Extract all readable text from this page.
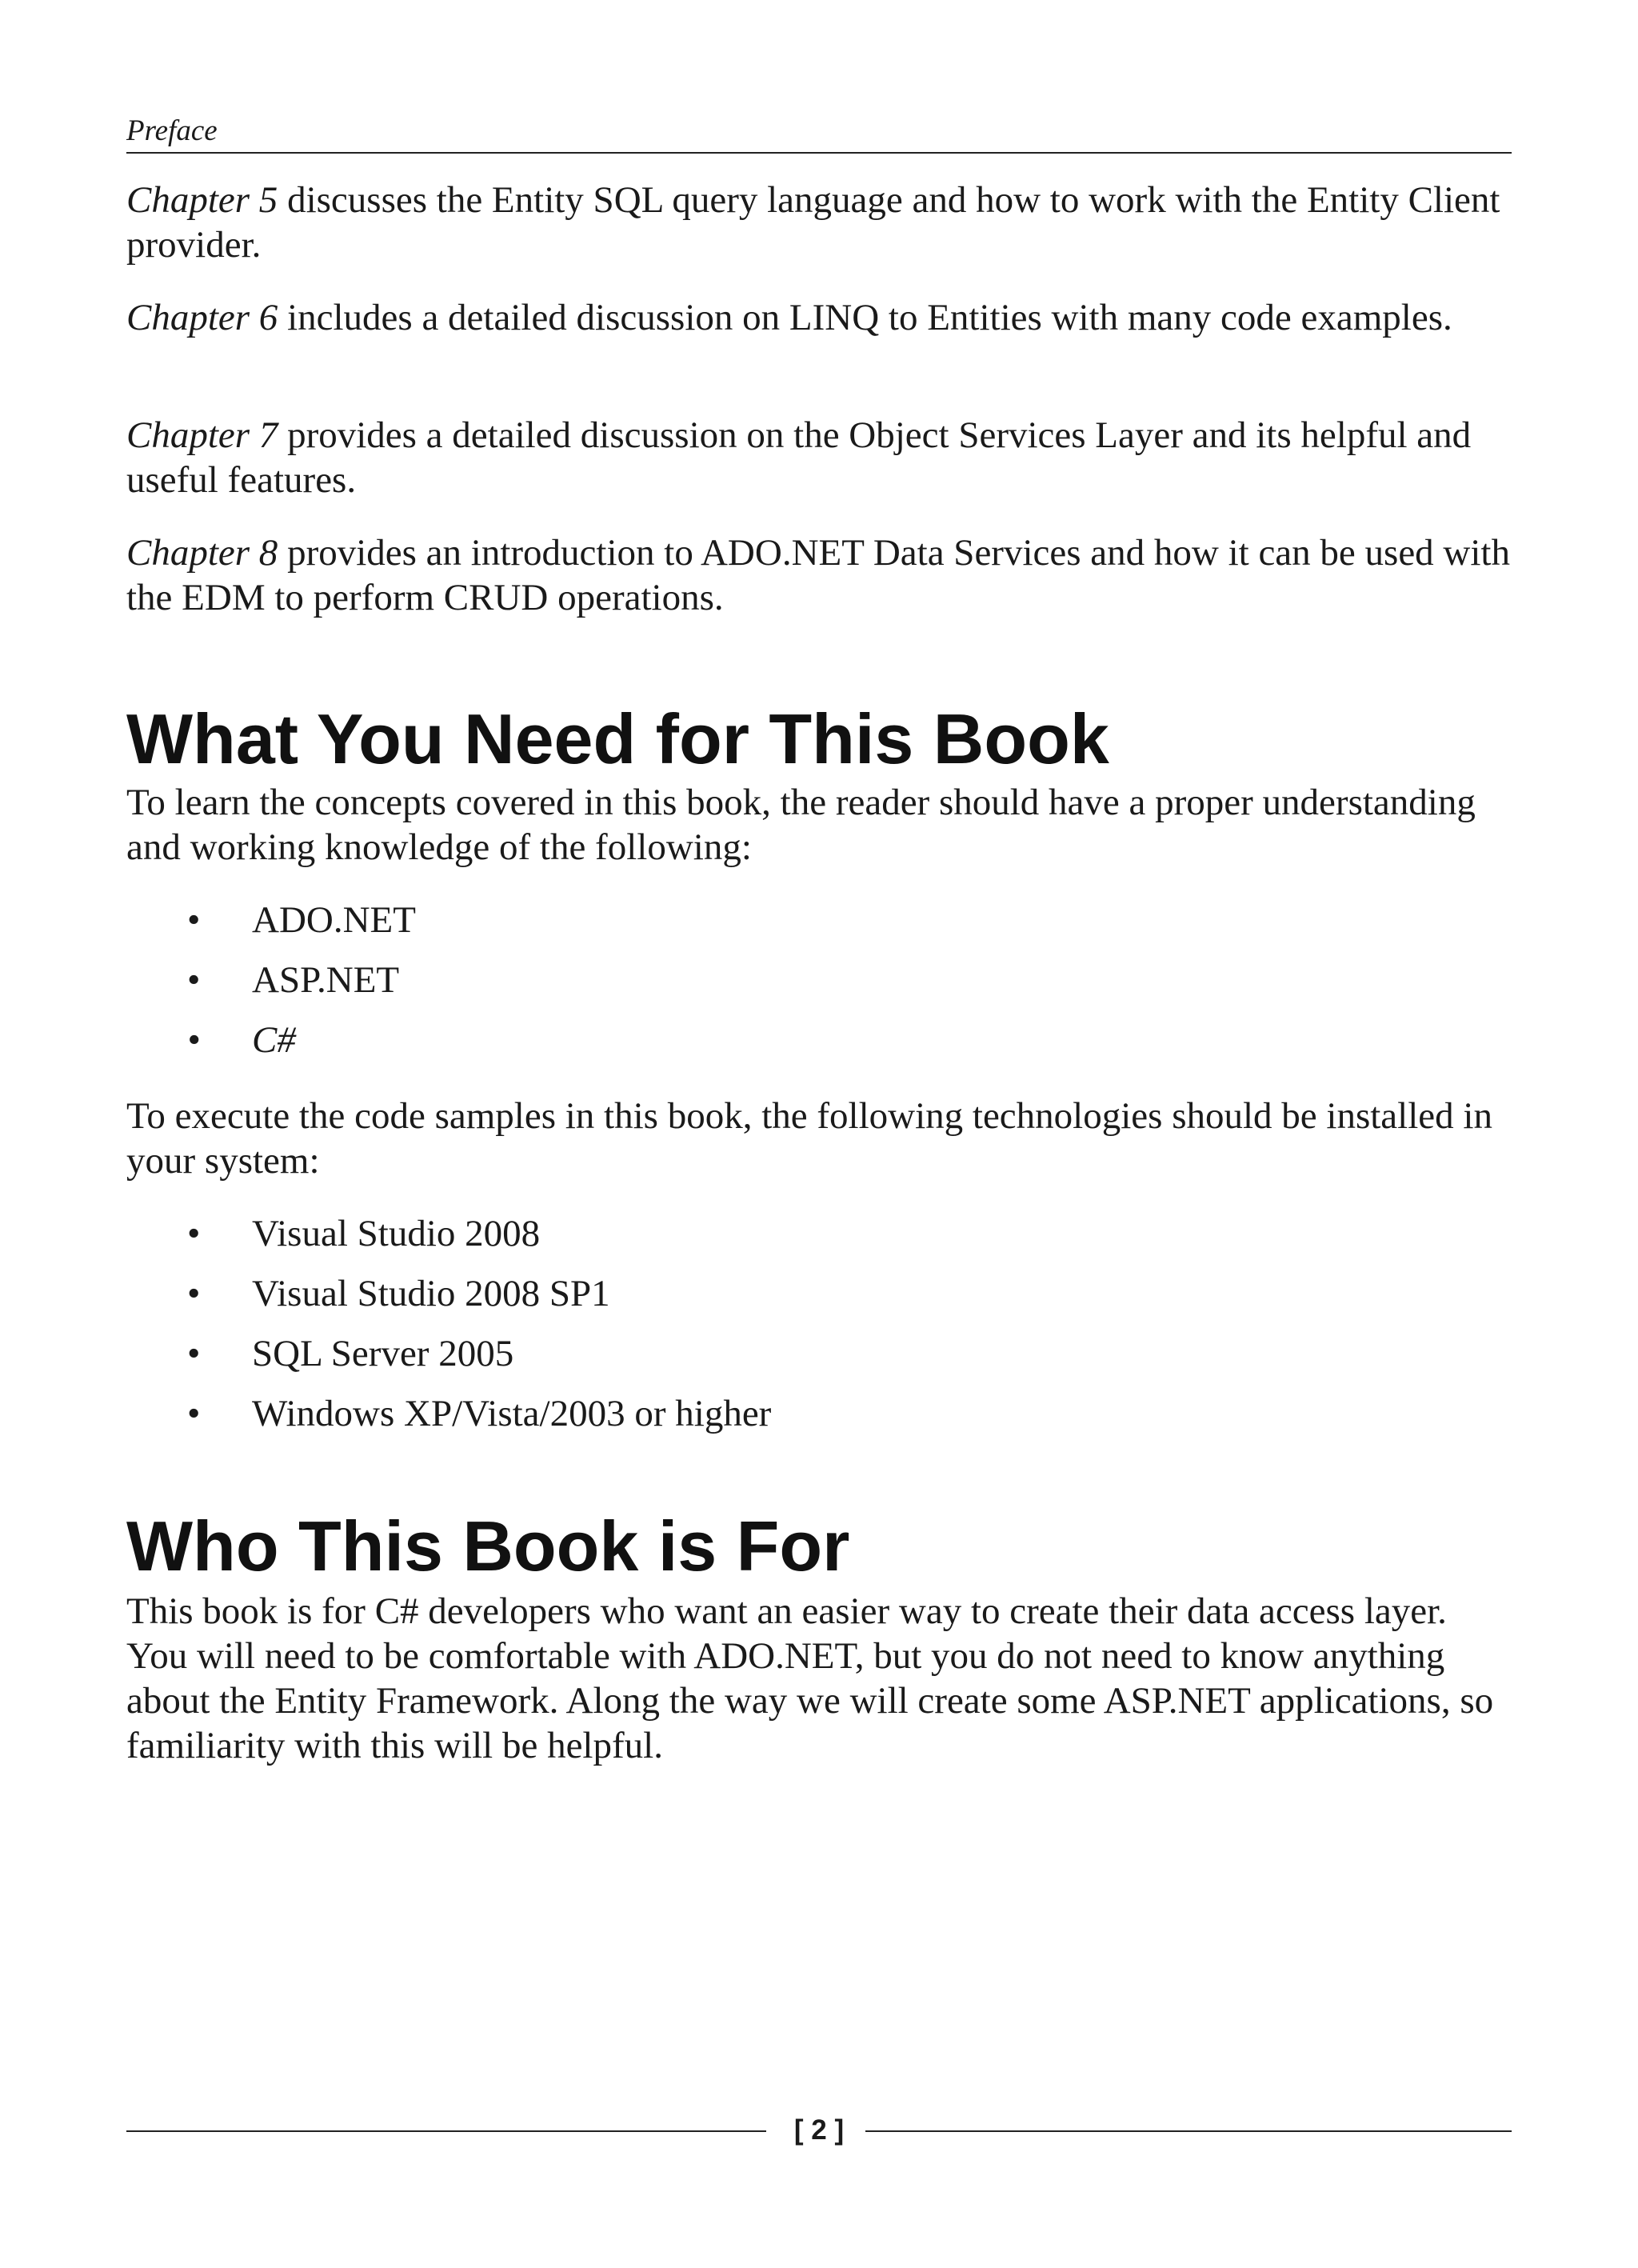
Preface

Chapter 5 discusses the Entity SQL query language and how to work with the Entity Client provider.

Chapter 6 includes a detailed discussion on LINQ to Entities with many code examples.

Chapter 7 provides a detailed discussion on the Object Services Layer and its helpful and useful features.

Chapter 8 provides an introduction to ADO.NET Data Services and how it can be used with the EDM to perform CRUD operations.

What You Need for This Book

To learn the concepts covered in this book, the reader should have a proper understanding and working knowledge of the following:

• ADO.NET
• ASP.NET
• C#

To execute the code samples in this book, the following technologies should be installed in your system:

• Visual Studio 2008
• Visual Studio 2008 SP1
• SQL Server 2005
• Windows XP/Vista/2003 or higher
Who This Book is For

This book is for C# developers who want an easier way to create their data access layer. You will need to be comfortable with ADO.NET, but you do not need to know anything about the Entity Framework. Along the way we will create some ASP.NET applications, so familiarity with this will be helpful.

[ 2 ]
